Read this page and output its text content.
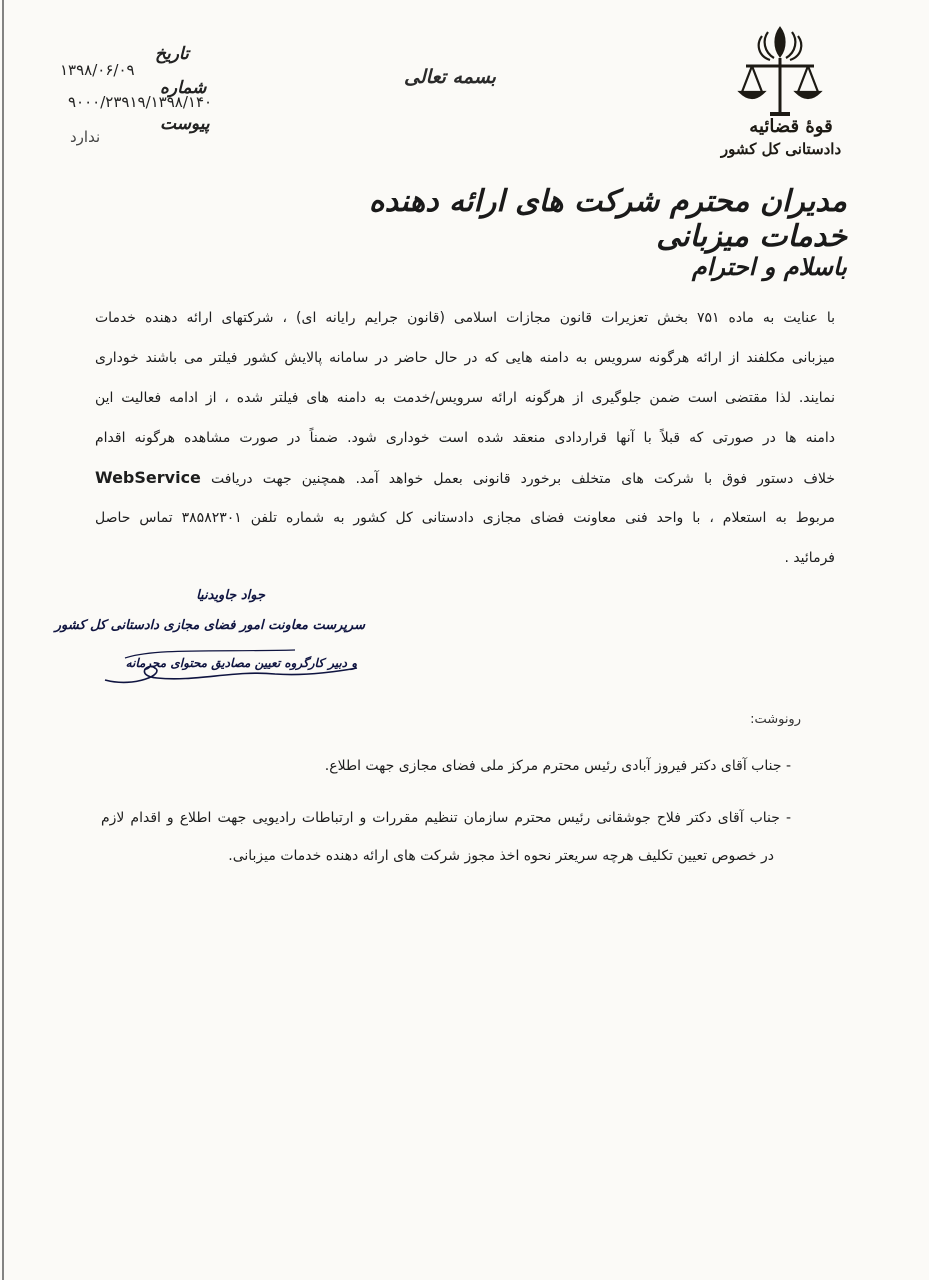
قوهٔ قضائیه
دادستانی کل کشور
بسمه تعالی
تاریخ
۱۳۹۸/۰۶/۰۹
شماره
۹۰۰۰/۲۳۹۱۹/۱۳۹۸/۱۴۰
پیوست
ندارد
مدیران محترم شرکت های ارائه دهنده خدمات میزبانی
باسلام و احترام
با عنایت به ماده ۷۵۱ بخش تعزیرات قانون مجازات اسلامی (قانون جرایم رایانه ای) ، شرکتهای ارائه دهنده خدمات
میزبانی مکلفند از ارائه هرگونه سرویس به دامنه هایی که در حال حاضر در سامانه پالایش کشور فیلتر می باشند خوداری
نمایند. لذا مقتضی است ضمن جلوگیری از هرگونه ارائه سرویس/خدمت به دامنه های فیلتر شده ، از ادامه فعالیت این
دامنه ها در صورتی که قبلاً با آنها قراردادی منعقد شده است خوداری شود. ضمناً در صورت مشاهده هرگونه اقدام
خلاف دستور فوق با شرکت های متخلف برخورد قانونی بعمل خواهد آمد. همچنین جهت دریافت WebService
مربوط به استعلام ، با واحد فنی معاونت فضای مجازی دادستانی کل کشور به شماره تلفن ۳۸۵۸۲۳۰۱ تماس حاصل
فرمائید .
جواد جاویدنیا
سرپرست معاونت امور فضای مجازی دادستانی کل کشور
و دبیر کارگروه تعیین مصادیق محتوای مجرمانه
رونوشت:
- جناب آقای دکتر فیروز آبادی رئیس محترم مرکز ملی فضای مجازی جهت اطلاع.
- جناب آقای دکتر فلاح جوشقانی رئیس محترم سازمان تنظیم مقررات و ارتباطات رادیویی جهت اطلاع و اقدام لازم
در خصوص تعیین تکلیف هرچه سریعتر نحوه اخذ مجوز شرکت های ارائه دهنده خدمات میزبانی.
